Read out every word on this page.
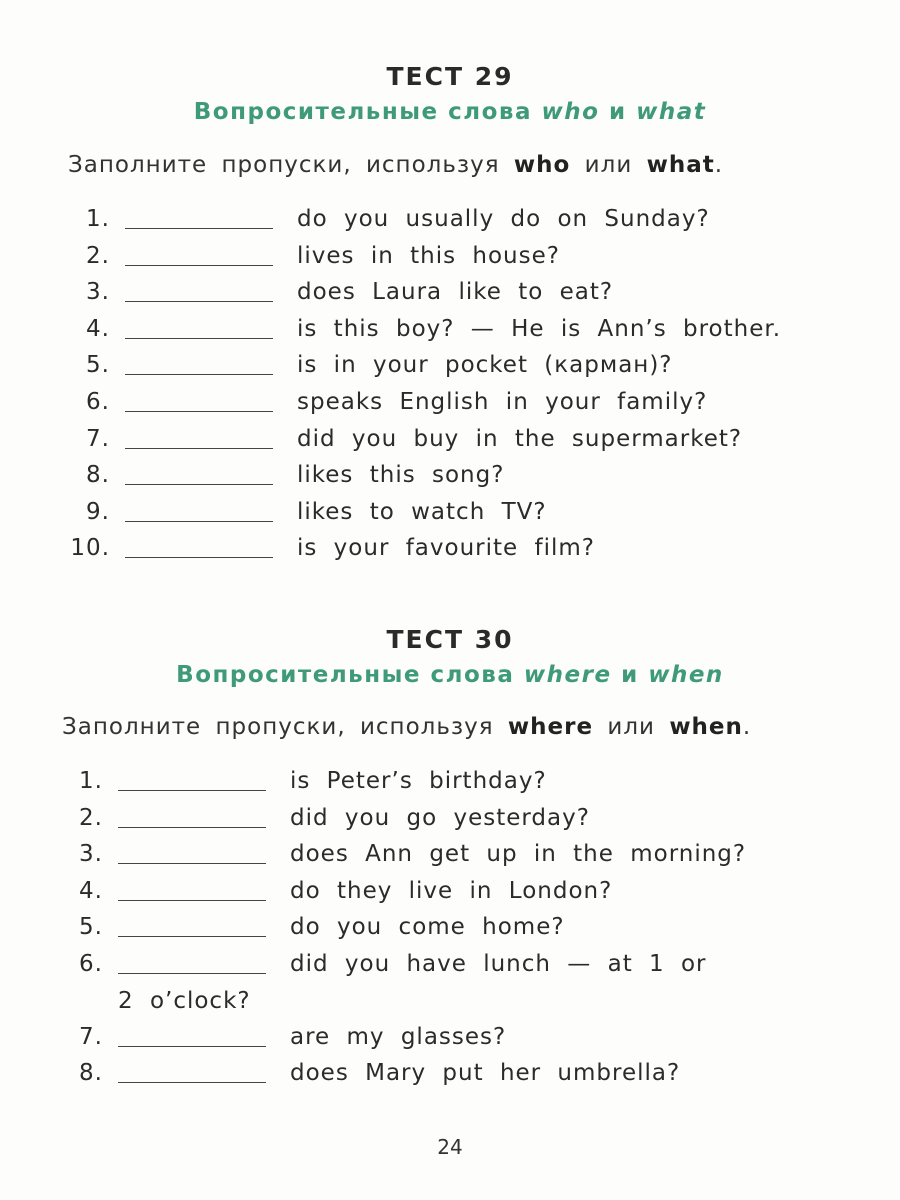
ТЕСТ 29
Вопросительные слова who и what

Заполните пропуски, используя who или what.

1.	do you usually do on Sunday?
2.	lives in this house?
3.	does Laura like to eat?
4.	is this boy? — He is Ann’s brother.
5.	is in your pocket (карман)?
6.	speaks English in your family?
7.	did you buy in the supermarket?
8.	likes this song?
9.	likes to watch TV?
10.	is your favourite film?
ТЕСТ 30
Вопросительные слова where и when

Заполните пропуски, используя where или when.

1.	is Peter’s birthday?
2.	did you go yesterday?
3.	does Ann get up in the morning?
4.	do they live in London?
5.	do you come home?
6.	did you have lunch — at 1 or
7.	are my glasses?
8.	does Mary put her umbrella?
2 o’clock?
24
